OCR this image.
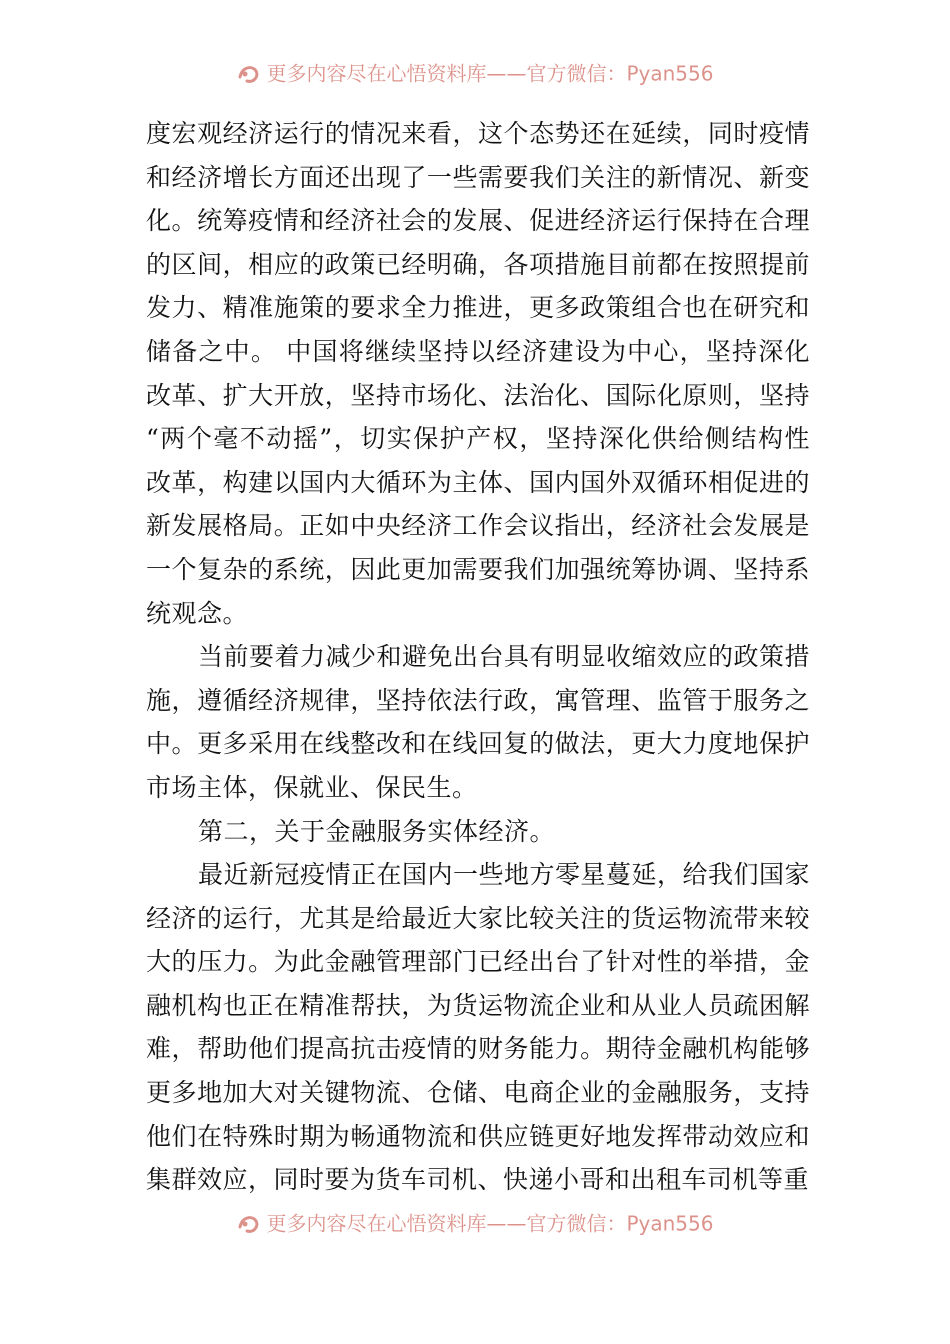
更多内容尽在心悟资料库——官方微信：Pyan556
度宏观经济运行的情况来看，这个态势还在延续，同时疫情
和经济增长方面还出现了一些需要我们关注的新情况、新变
化。统筹疫情和经济社会的发展、促进经济运行保持在合理
的区间，相应的政策已经明确，各项措施目前都在按照提前
发力、精准施策的要求全力推进，更多政策组合也在研究和
储备之中。 中国将继续坚持以经济建设为中心，坚持深化
改革、扩大开放，坚持市场化、法治化、国际化原则，坚持
“两个毫不动摇”，切实保护产权，坚持深化供给侧结构性
改革，构建以国内大循环为主体、国内国外双循环相促进的
新发展格局。正如中央经济工作会议指出，经济社会发展是
一个复杂的系统，因此更加需要我们加强统筹协调、坚持系
统观念。
当前要着力减少和避免出台具有明显收缩效应的政策措
施，遵循经济规律，坚持依法行政，寓管理、监管于服务之
中。更多采用在线整改和在线回复的做法，更大力度地保护
市场主体，保就业、保民生。
第二，关于金融服务实体经济。
最近新冠疫情正在国内一些地方零星蔓延，给我们国家
经济的运行，尤其是给最近大家比较关注的货运物流带来较
大的压力。为此金融管理部门已经出台了针对性的举措，金
融机构也正在精准帮扶，为货运物流企业和从业人员疏困解
难，帮助他们提高抗击疫情的财务能力。期待金融机构能够
更多地加大对关键物流、仓储、电商企业的金融服务，支持
他们在特殊时期为畅通物流和供应链更好地发挥带动效应和
集群效应，同时要为货车司机、快递小哥和出租车司机等重
更多内容尽在心悟资料库——官方微信：Pyan556
